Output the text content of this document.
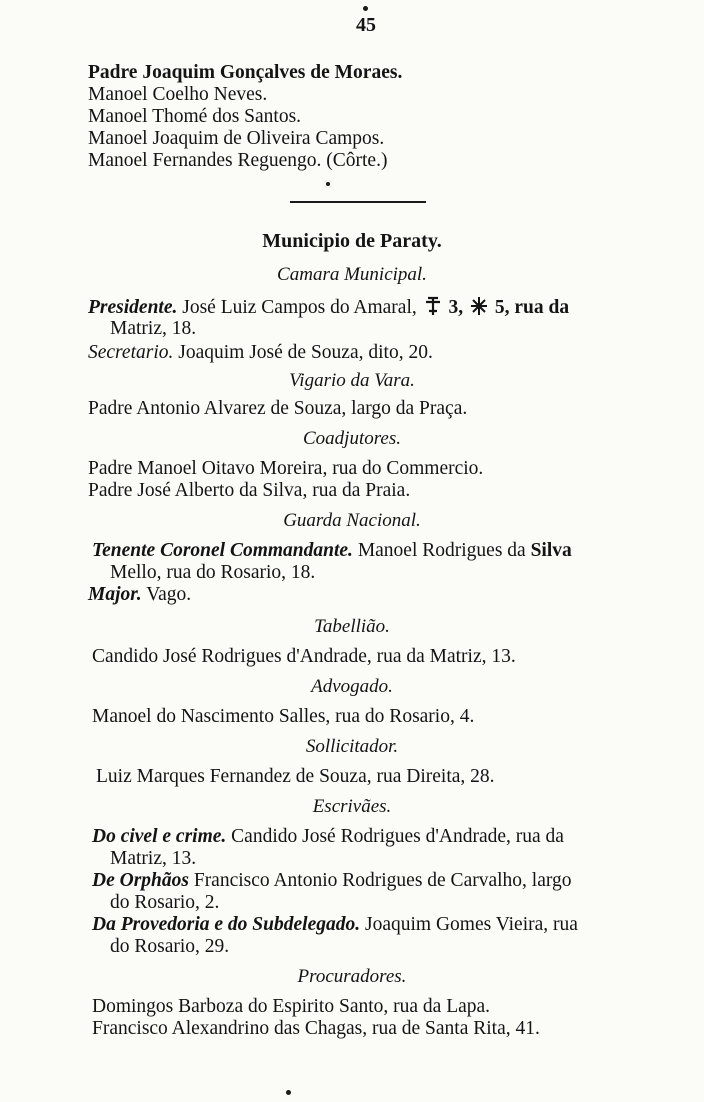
45
Padre Joaquim Gonçalves de Moraes.
Manoel Coelho Neves.
Manoel Thomé dos Santos.
Manoel Joaquim de Oliveira Campos.
Manoel Fernandes Reguengo. (Côrte.)
Municipio de Paraty.
Camara Municipal.
Presidente. José Luiz Campos do Amaral, 3, 5, rua da
Matriz, 18.
Secretario. Joaquim José de Souza, dito, 20.
Vigario da Vara.
Padre Antonio Alvarez de Souza, largo da Praça.
Coadjutores.
Padre Manoel Oitavo Moreira, rua do Commercio.
Padre José Alberto da Silva, rua da Praia.
Guarda Nacional.
Tenente Coronel Commandante. Manoel Rodrigues da Silva
Mello, rua do Rosario, 18.
Major. Vago.
Tabellião.
Candido José Rodrigues d'Andrade, rua da Matriz, 13.
Advogado.
Manoel do Nascimento Salles, rua do Rosario, 4.
Sollicitador.
Luiz Marques Fernandez de Souza, rua Direita, 28.
Escrivães.
Do civel e crime. Candido José Rodrigues d'Andrade, rua da
Matriz, 13.
De Orphãos Francisco Antonio Rodrigues de Carvalho, largo
do Rosario, 2.
Da Provedoria e do Subdelegado. Joaquim Gomes Vieira, rua
do Rosario, 29.
Procuradores.
Domingos Barboza do Espirito Santo, rua da Lapa.
Francisco Alexandrino das Chagas, rua de Santa Rita, 41.
